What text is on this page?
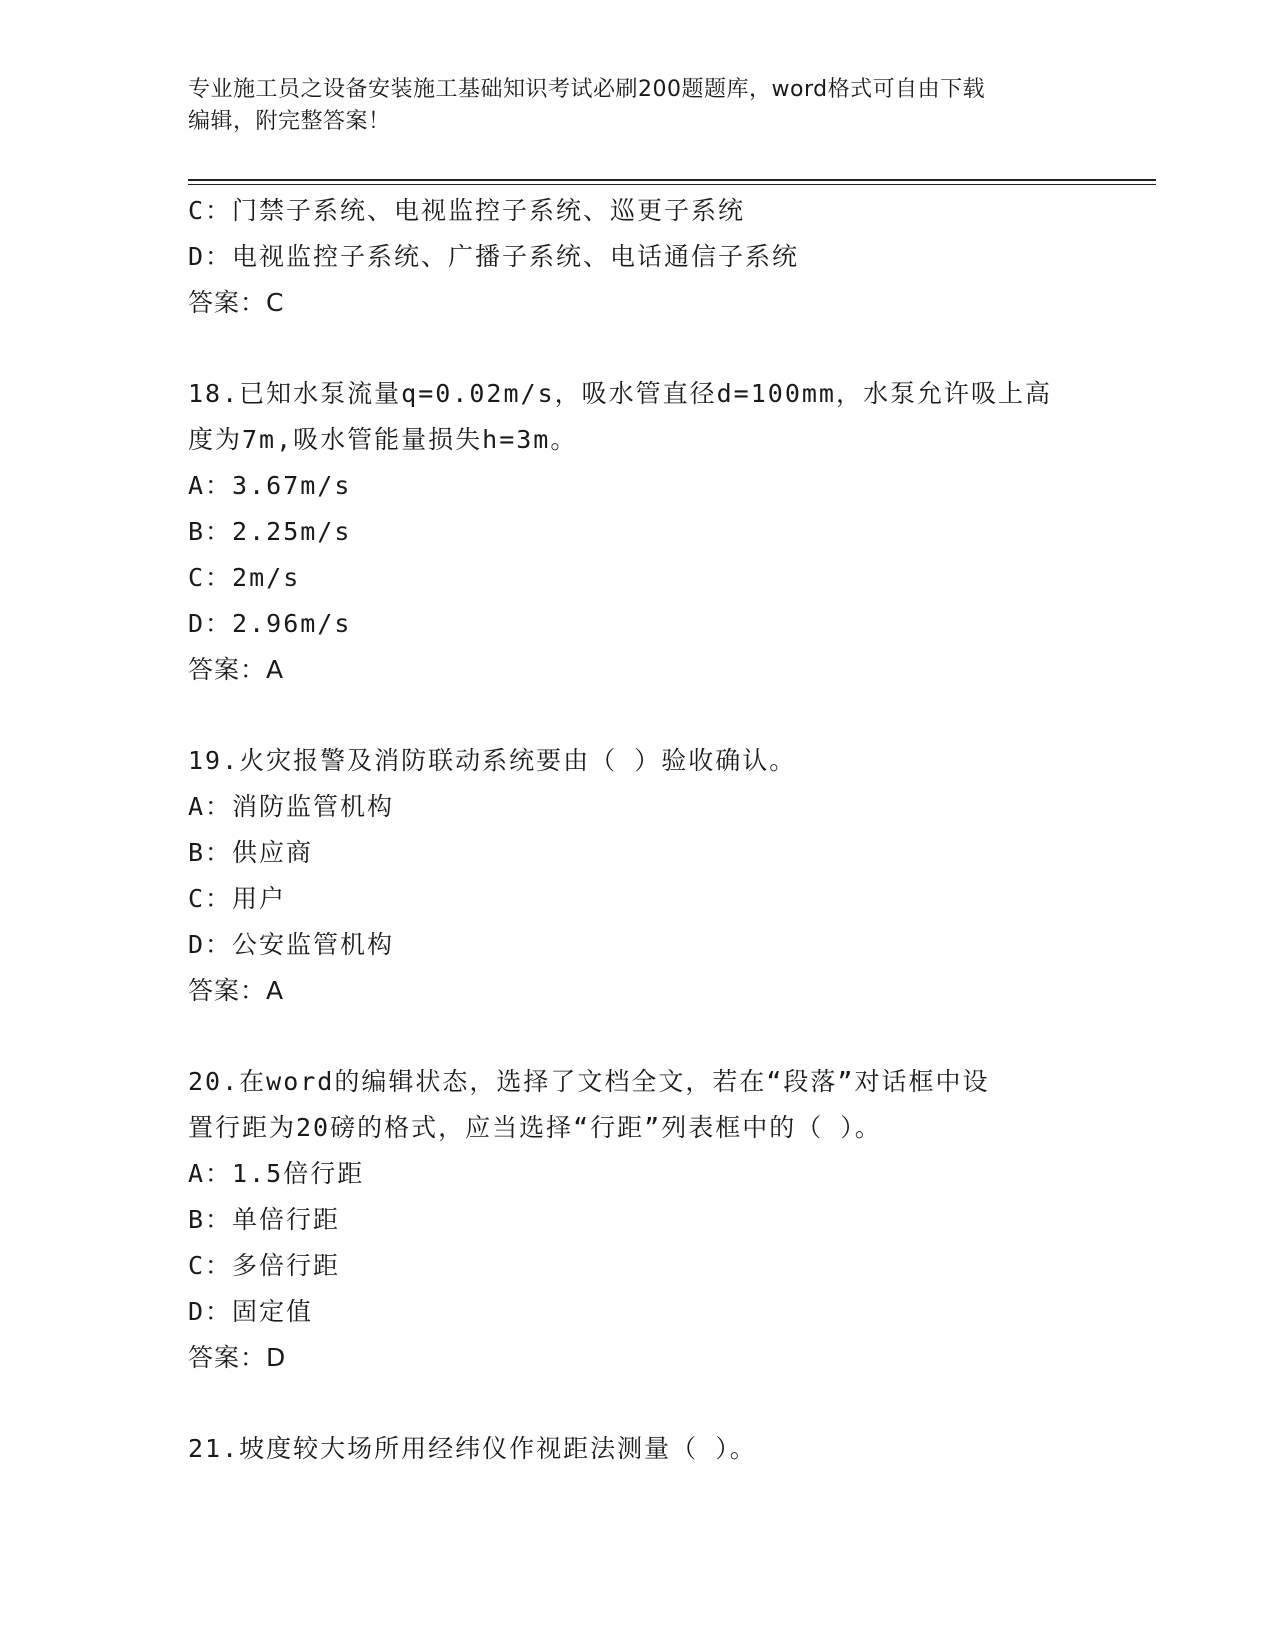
专业施工员之设备安装施工基础知识考试必刷200题题库，word格式可自由下载
编辑，附完整答案！
C：门禁子系统、电视监控子系统、巡更子系统
D：电视监控子系统、广播子系统、电话通信子系统
答案：C
18.已知水泵流量q=0.02m/s，吸水管直径d=100mm，水泵允许吸上高
度为7m,吸水管能量损失h=3m。
A：3.67m/s
B：2.25m/s
C：2m/s
D：2.96m/s
答案：A
19.火灾报警及消防联动系统要由（ ）验收确认。
A：消防监管机构
B：供应商
C：用户
D：公安监管机构
答案：A
20.在word的编辑状态，选择了文档全文，若在“段落”对话框中设
置行距为20磅的格式，应当选择“行距”列表框中的（ ）。
A：1.5倍行距
B：单倍行距
C：多倍行距
D：固定值
答案：D
21.坡度较大场所用经纬仪作视距法测量（ ）。
